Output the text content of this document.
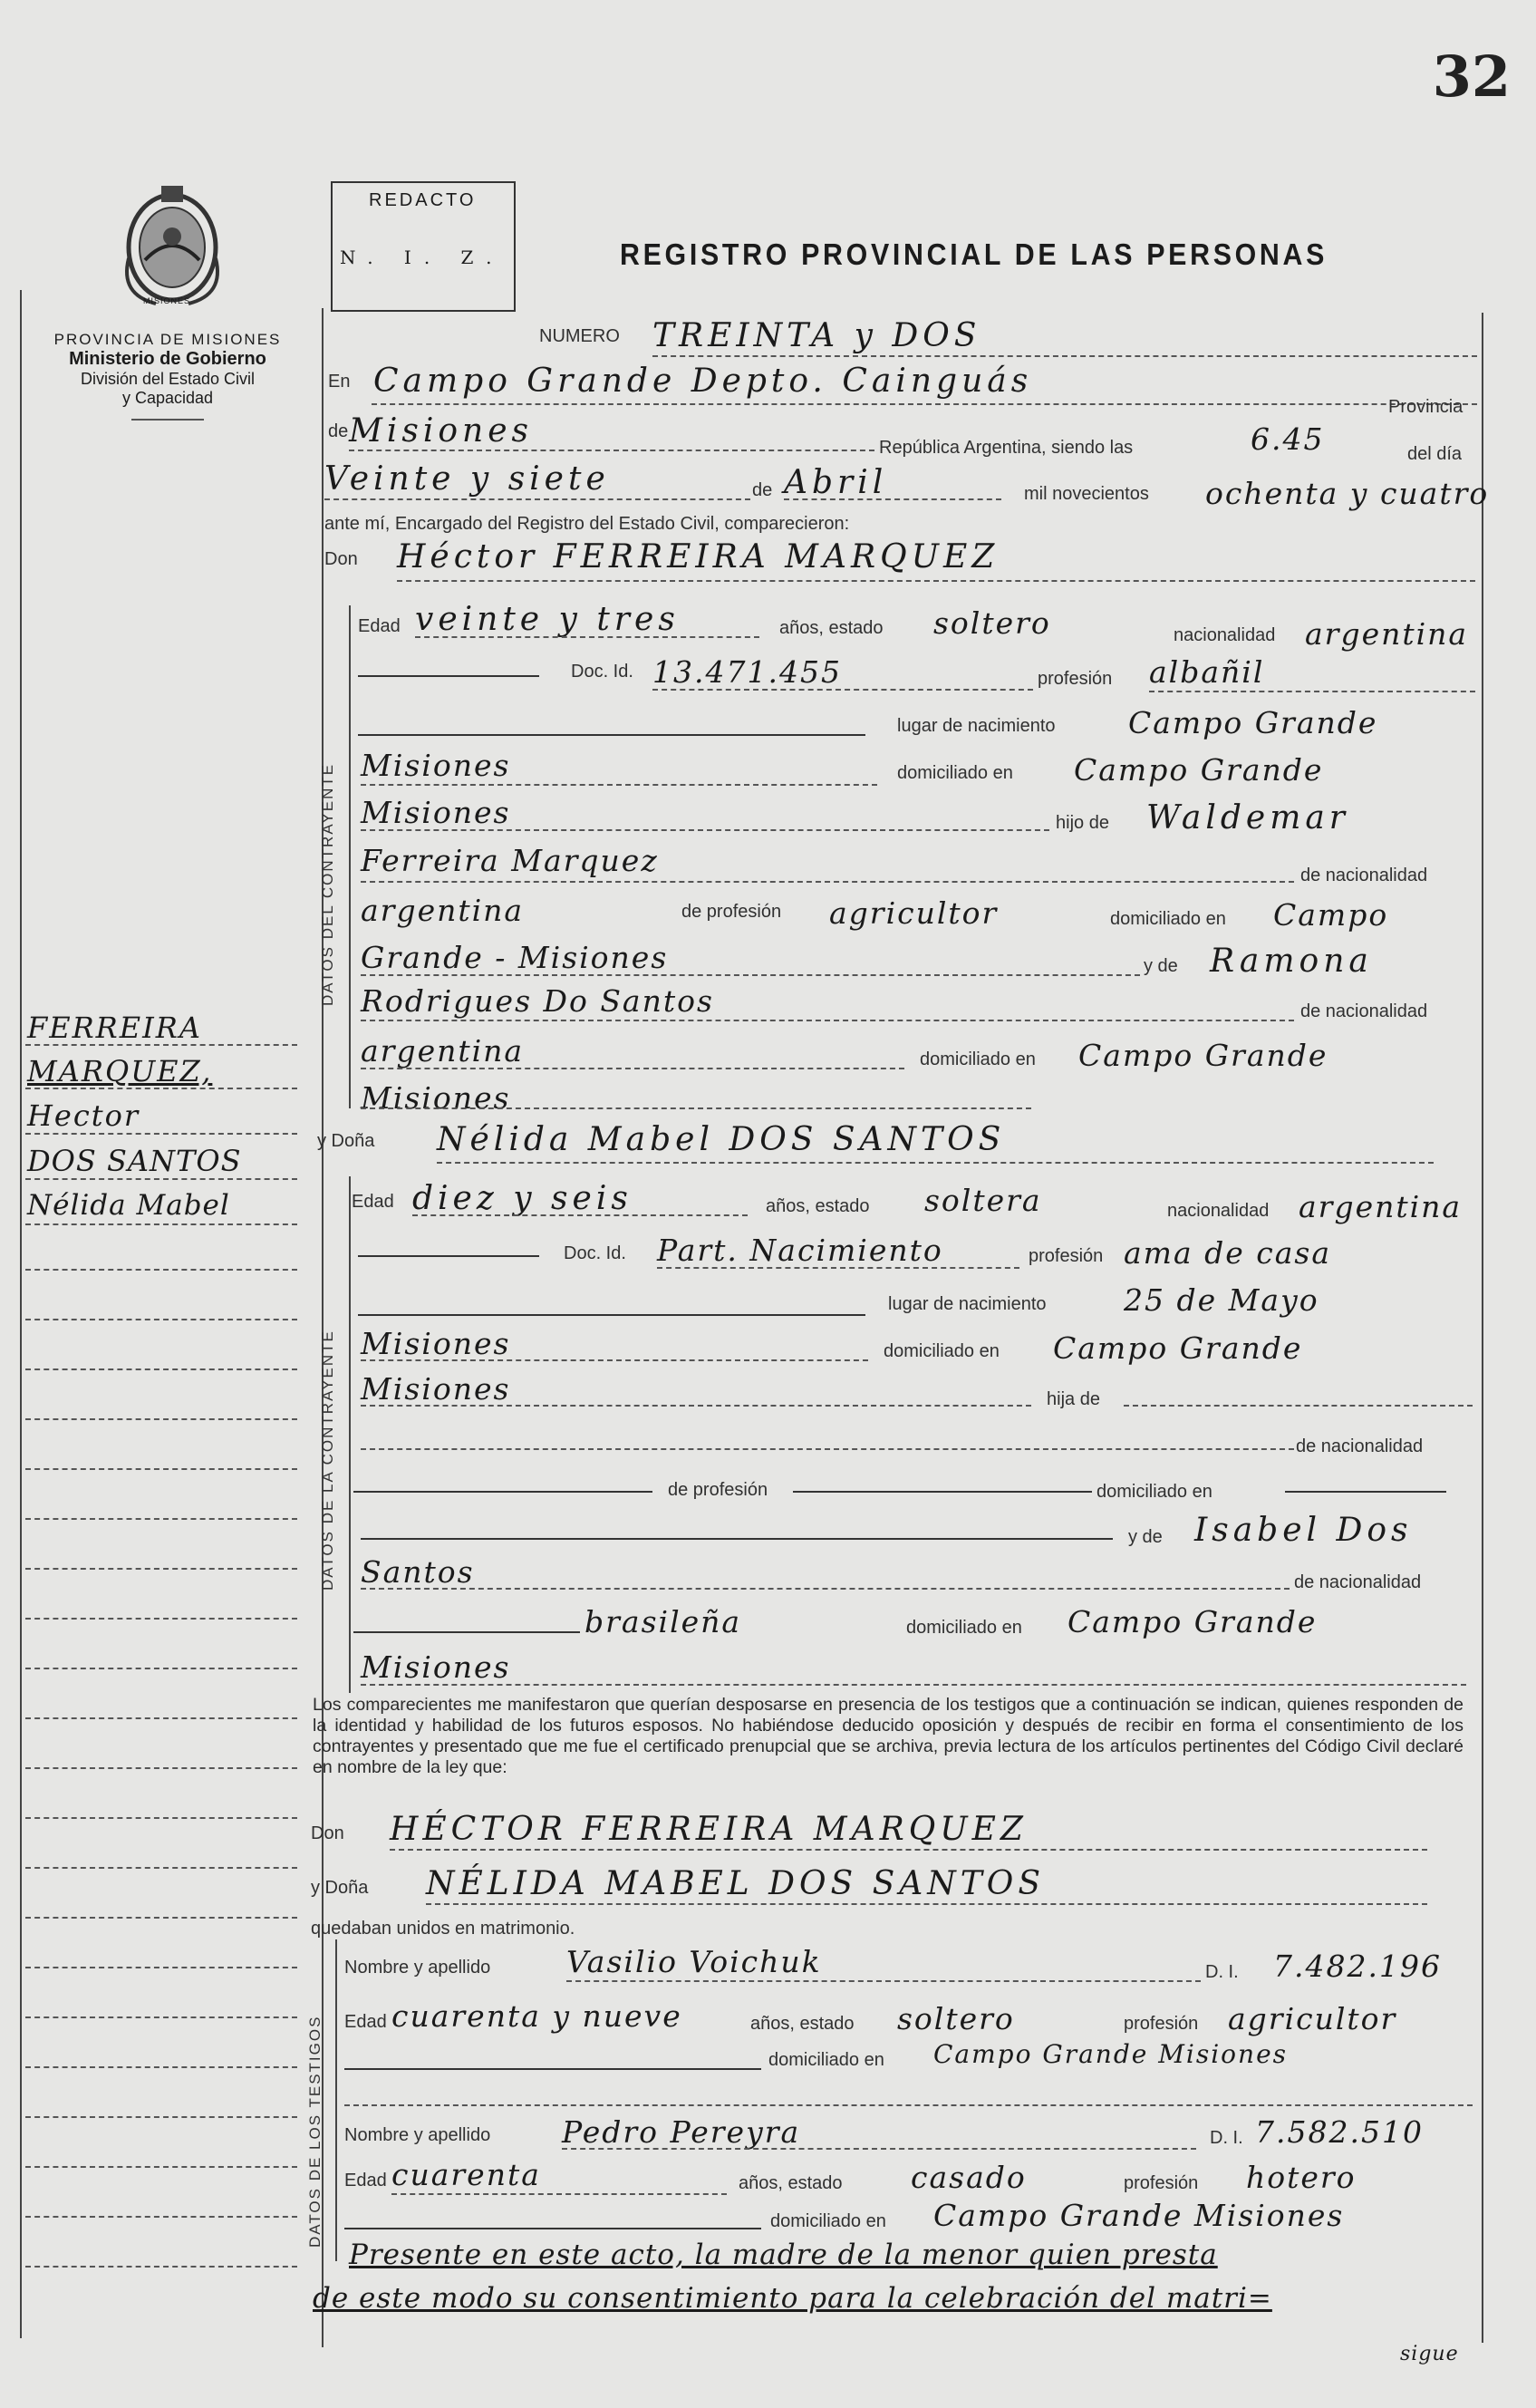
32
MISIONES
PROVINCIA DE MISIONES
Ministerio de Gobierno
División del Estado Civil
y Capacidad
REDACTO
N. I. Z.	REGISTRO PROVINCIAL DE LAS PERSONAS
NUMERO TREINTA y DOS
En Campo Grande Depto. Cainguás
Provincia
de Misiones	República Argentina, siendo las	6.45	del día
Veinte y siete	de Abril	mil novecientos ochenta y cuatro
ante mí, Encargado del Registro del Estado Civil, comparecieron:
Don Héctor FERREIRA MARQUEZ
DATOS DEL CONTRAYENTE
Edad veinte y tres	años, estado soltero	nacionalidad argentina
Doc. Id. 13.471.455	profesión albañil
lugar de nacimiento Campo Grande
Misiones	domiciliado en Campo Grande
Misiones	hijo de Waldemar
Ferreira Marquez	de nacionalidad
argentina	de profesión agricultor	domiciliado en Campo
Grande - Misiones	y de Ramona
Rodrigues Do Santos	de nacionalidad
argentina	domiciliado en Campo Grande
Misiones
y Doña Nélida Mabel DOS SANTOS
DATOS DE LA CONTRAYENTE
Edad diez y seis	años, estado soltera	nacionalidad argentina
Doc. Id. Part. Nacimiento	profesión ama de casa
lugar de nacimiento	25 de Mayo
Misiones	domiciliado en Campo Grande
Misiones	hija de
de nacionalidad
de profesión	domiciliado en
y de Isabel Dos
Santos	de nacionalidad
brasileña	domiciliado en Campo Grande
Misiones
Los comparecientes me manifestaron que querían desposarse en presencia de los testigos que a continuación se indican, quienes responden de la identidad y habilidad de los futuros esposos. No habiéndose deducido oposición y después de recibir en forma el consentimiento de los contrayentes y presentado que me fue el certificado prenupcial que se archiva, previa lectura de los artículos pertinentes del Código Civil declaré en nombre de la ley que:
Don HÉCTOR FERREIRA MARQUEZ
y Doña NÉLIDA MABEL DOS SANTOS
quedaban unidos en matrimonio.
DATOS DE LOS TESTIGOS
Nombre y apellido	Vasilio Voichuk	D. I. 7.482.196
Edad cuarenta y nueve	años, estado soltero	profesión agricultor
domiciliado en Campo Grande Misiones
Nombre y apellido Pedro Pereyra	D. I. 7.582.510
Edad cuarenta	años, estado casado	profesión hotero
domiciliado en Campo Grande Misiones
Presente en este acto, la madre de la menor quien presta
de este modo su consentimiento para la celebración del matri=
sigue
FERREIRA
MARQUEZ,
Hector
DOS SANTOS
Nélida Mabel
